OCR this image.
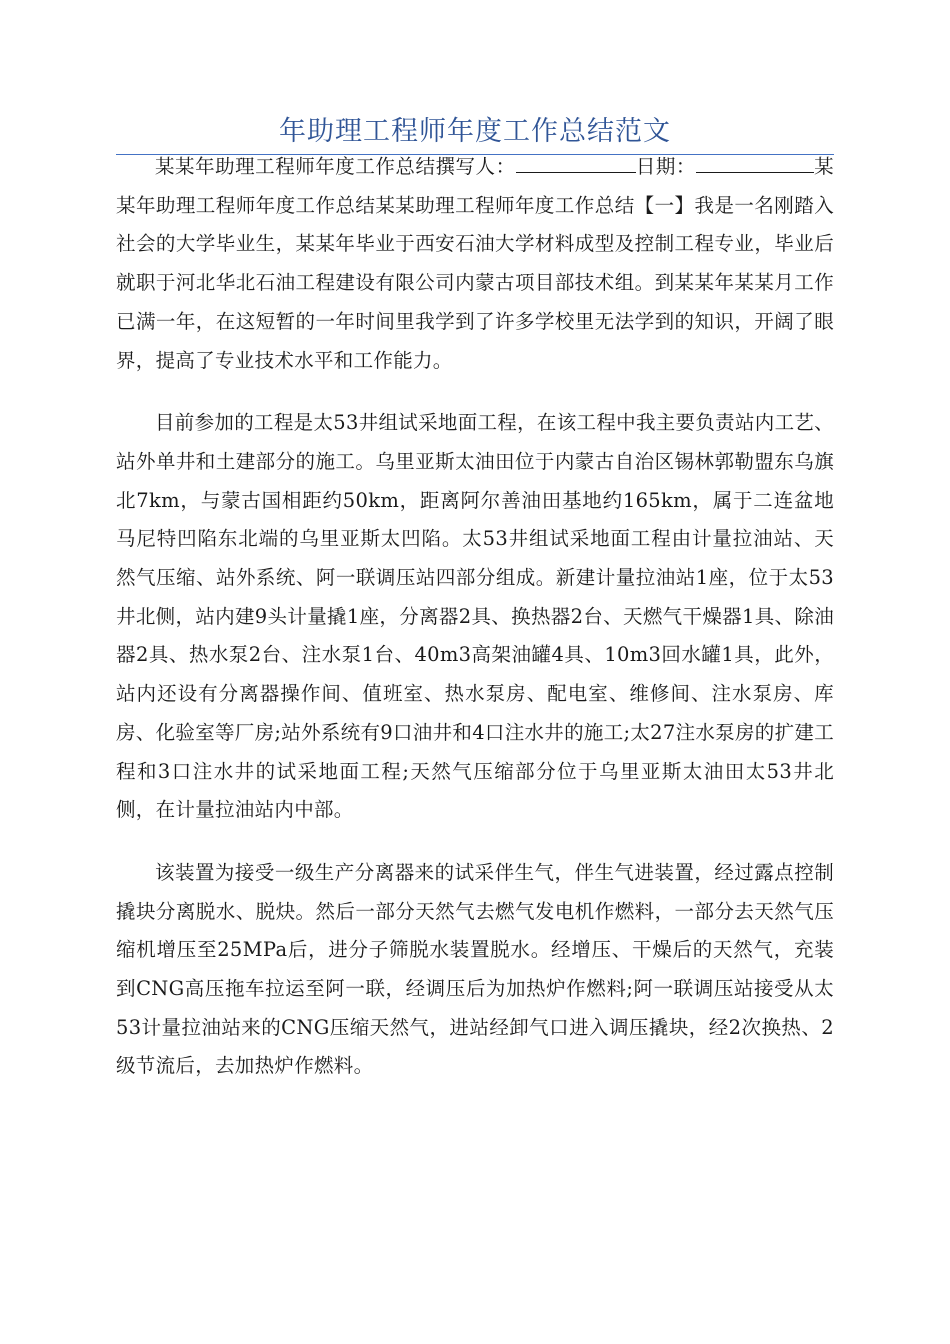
年助理工程师年度工作总结范文

某某年助理工程师年度工作总结撰写人：	日期：	某某年助理工程师年度工作总结某某助理工程师年度工作总结【一】我是一名刚踏入社会的大学毕业生，某某年毕业于西安石油大学材料成型及控制工程专业，毕业后就职于河北华北石油工程建设有限公司内蒙古项目部技术组。到某某年某某月工作已满一年，在这短暂的一年时间里我学到了许多学校里无法学到的知识，开阔了眼界，提高了专业技术水平和工作能力。

目前参加的工程是太53井组试采地面工程，在该工程中我主要负责站内工艺、站外单井和土建部分的施工。乌里亚斯太油田位于内蒙古自治区锡林郭勒盟东乌旗北7km，与蒙古国相距约50km，距离阿尔善油田基地约165km，属于二连盆地马尼特凹陷东北端的乌里亚斯太凹陷。太53井组试采地面工程由计量拉油站、天然气压缩、站外系统、阿一联调压站四部分组成。新建计量拉油站1座，位于太53井北侧，站内建9头计量撬1座，分离器2具、换热器2台、天燃气干燥器1具、除油器2具、热水泵2台、注水泵1台、40m3高架油罐4具、10m3回水罐1具，此外，站内还设有分离器操作间、值班室、热水泵房、配电室、维修间、注水泵房、库房、化验室等厂房;站外系统有9口油井和4口注水井的施工;太27注水泵房的扩建工程和3口注水井的试采地面工程;天然气压缩部分位于乌里亚斯太油田太53井北侧，在计量拉油站内中部。

该装置为接受一级生产分离器来的试采伴生气，伴生气进装置，经过露点控制撬块分离脱水、脱炔。然后一部分天然气去燃气发电机作燃料，一部分去天然气压缩机增压至25MPa后，进分子筛脱水装置脱水。经增压、干燥后的天然气，充装到CNG高压拖车拉运至阿一联，经调压后为加热炉作燃料;阿一联调压站接受从太53计量拉油站来的CNG压缩天然气，进站经卸气口进入调压撬块，经2次换热、2级节流后，去加热炉作燃料。
